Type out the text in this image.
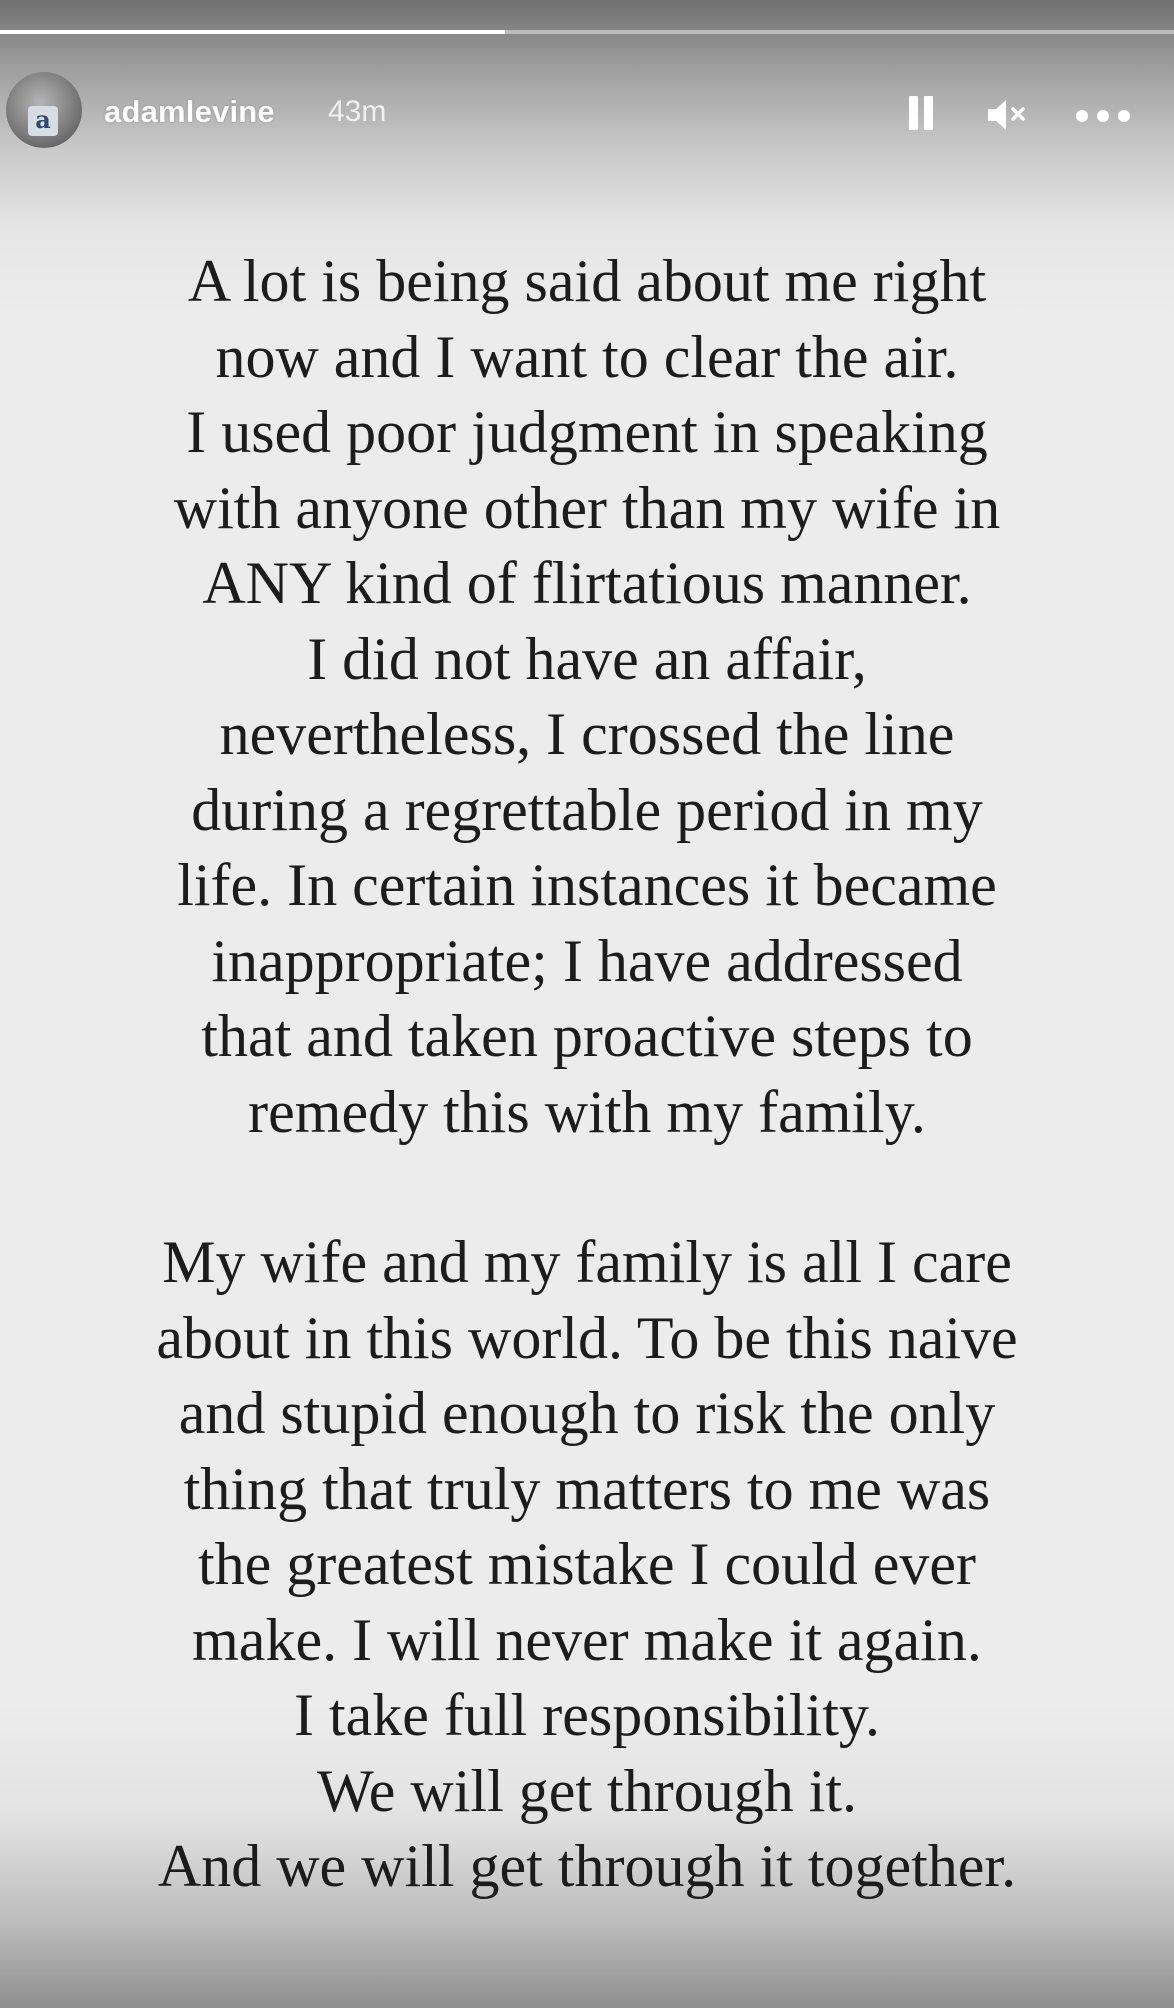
a adamlevine 43m

A lot is being said about me right
now and I want to clear the air.
I used poor judgment in speaking
with anyone other than my wife in
ANY kind of flirtatious manner.
I did not have an affair,
nevertheless, I crossed the line
during a regrettable period in my
life. In certain instances it became
inappropriate; I have addressed
that and taken proactive steps to
remedy this with my family.

My wife and my family is all I care
about in this world. To be this naive
and stupid enough to risk the only
thing that truly matters to me was
the greatest mistake I could ever
make. I will never make it again.
I take full responsibility.
We will get through it.
And we will get through it together.
